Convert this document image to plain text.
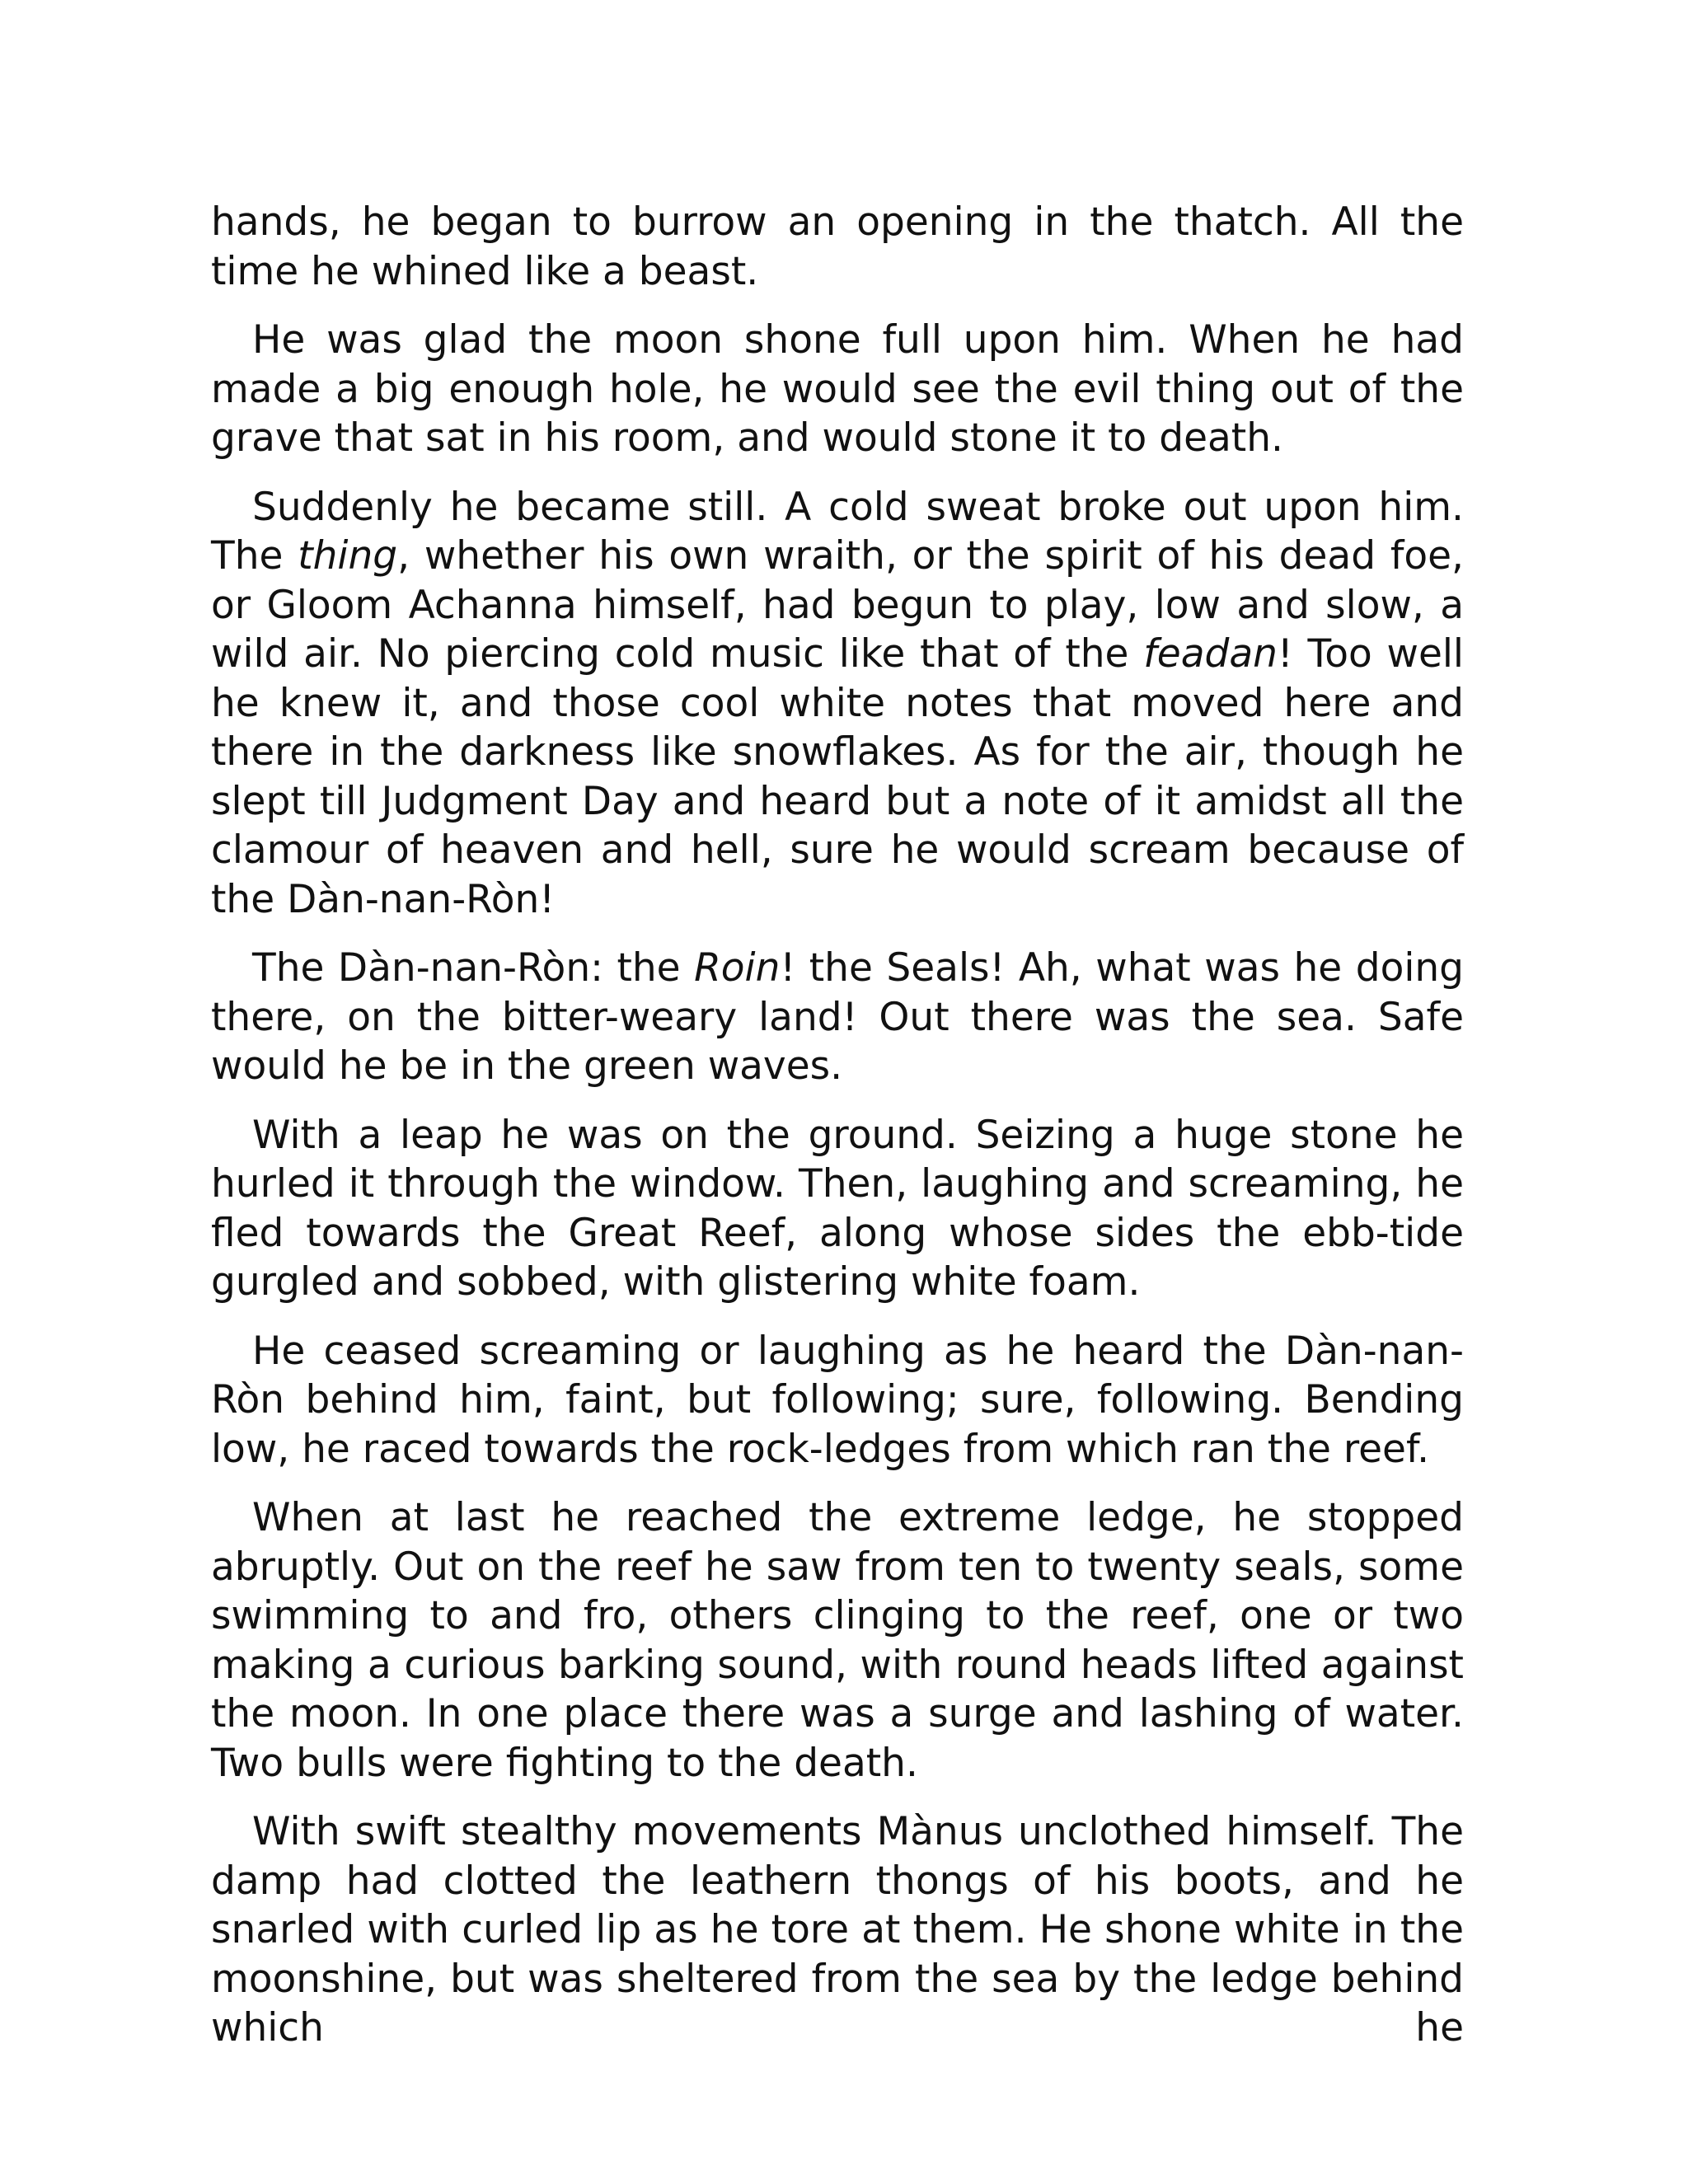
hands, he began to burrow an opening in the thatch. All the time he whined like a beast.

He was glad the moon shone full upon him. When he had made a big enough hole, he would see the evil thing out of the grave that sat in his room, and would stone it to death.

Suddenly he became still. A cold sweat broke out upon him. The thing, whether his own wraith, or the spirit of his dead foe, or Gloom Achanna himself, had begun to play, low and slow, a wild air. No piercing cold music like that of the feadan! Too well he knew it, and those cool white notes that moved here and there in the darkness like snowflakes. As for the air, though he slept till Judgment Day and heard but a note of it amidst all the clamour of heaven and hell, sure he would scream because of the Dàn-nan-Ròn!

The Dàn-nan-Ròn: the Roin! the Seals! Ah, what was he doing there, on the bitter-weary land! Out there was the sea. Safe would he be in the green waves.

With a leap he was on the ground. Seizing a huge stone he hurled it through the window. Then, laughing and screaming, he fled towards the Great Reef, along whose sides the ebb-tide gurgled and sobbed, with glistering white foam.

He ceased screaming or laughing as he heard the Dàn-nan-Ròn behind him, faint, but following; sure, following. Bending low, he raced towards the rock-ledges from which ran the reef.

When at last he reached the extreme ledge, he stopped abruptly. Out on the reef he saw from ten to twenty seals, some swimming to and fro, others clinging to the reef, one or two making a curious barking sound, with round heads lifted against the moon. In one place there was a surge and lashing of water. Two bulls were fighting to the death.

With swift stealthy movements Mànus unclothed himself. The damp had clotted the leathern thongs of his boots, and he snarled with curled lip as he tore at them. He shone white in the moonshine, but was sheltered from the sea by the ledge behind which he
